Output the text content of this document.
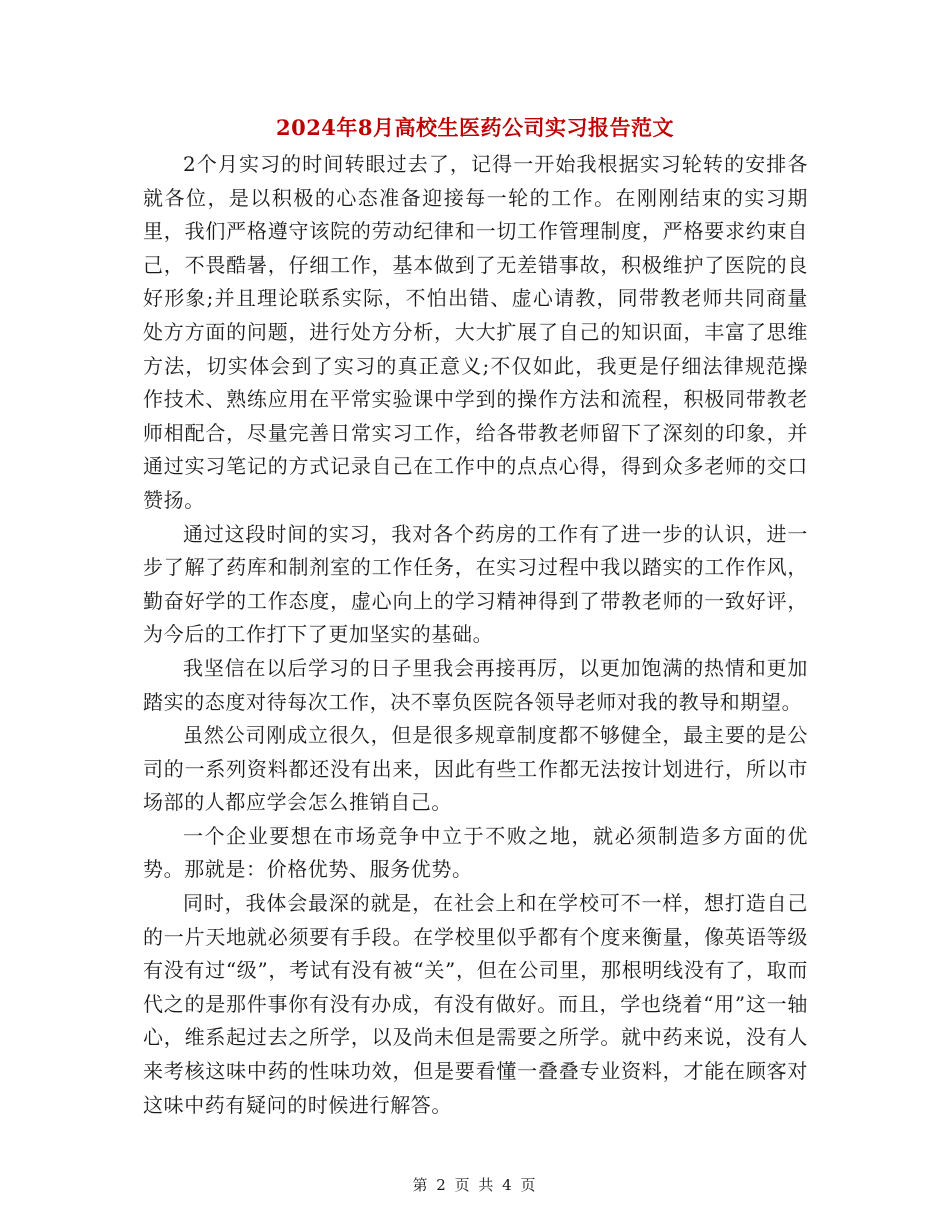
2024年8月高校生医药公司实习报告范文

2个月实习的时间转眼过去了，记得一开始我根据实习轮转的安排各就各位，是以积极的心态准备迎接每一轮的工作。在刚刚结束的实习期里，我们严格遵守该院的劳动纪律和一切工作管理制度，严格要求约束自己，不畏酷暑，仔细工作，基本做到了无差错事故，积极维护了医院的良好形象;并且理论联系实际，不怕出错、虚心请教，同带教老师共同商量处方方面的问题，进行处方分析，大大扩展了自己的知识面，丰富了思维方法，切实体会到了实习的真正意义;不仅如此，我更是仔细法律规范操作技术、熟练应用在平常实验课中学到的操作方法和流程，积极同带教老师相配合，尽量完善日常实习工作，给各带教老师留下了深刻的印象，并通过实习笔记的方式记录自己在工作中的点点心得，得到众多老师的交口赞扬。

通过这段时间的实习，我对各个药房的工作有了进一步的认识，进一步了解了药库和制剂室的工作任务，在实习过程中我以踏实的工作作风，勤奋好学的工作态度，虚心向上的学习精神得到了带教老师的一致好评，为今后的工作打下了更加坚实的基础。

我坚信在以后学习的日子里我会再接再厉，以更加饱满的热情和更加踏实的态度对待每次工作，决不辜负医院各领导老师对我的教导和期望。

虽然公司刚成立很久，但是很多规章制度都不够健全，最主要的是公司的一系列资料都还没有出来，因此有些工作都无法按计划进行，所以市场部的人都应学会怎么推销自己。

一个企业要想在市场竞争中立于不败之地，就必须制造多方面的优势。那就是：价格优势、服务优势。

同时，我体会最深的就是，在社会上和在学校可不一样，想打造自己的一片天地就必须要有手段。在学校里似乎都有个度来衡量，像英语等级有没有过“级”，考试有没有被“关”，但在公司里，那根明线没有了，取而代之的是那件事你有没有办成，有没有做好。而且，学也绕着“用”这一轴心，维系起过去之所学，以及尚未但是需要之所学。就中药来说，没有人来考核这味中药的性味功效，但是要看懂一叠叠专业资料，才能在顾客对这味中药有疑问的时候进行解答。

第 2 页 共 4 页
